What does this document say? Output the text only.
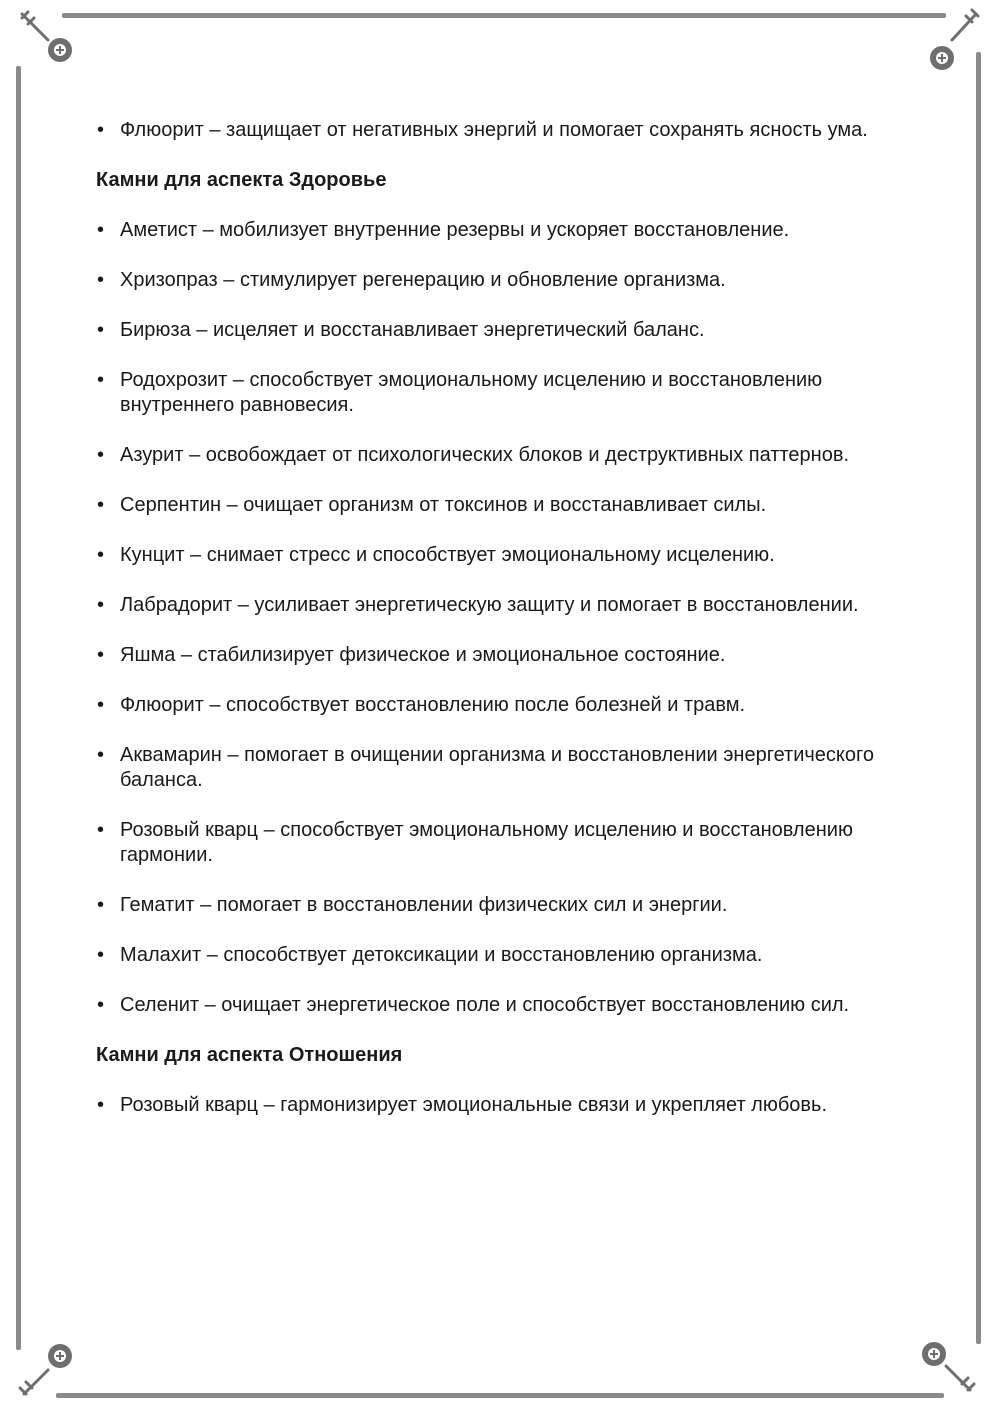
• Флюорит – защищает от негативных энергий и помогает сохранять ясность ума.
Камни для аспекта Здоровье
• Аметист – мобилизует внутренние резервы и ускоряет восстановление.
• Хризопраз – стимулирует регенерацию и обновление организма.
• Бирюза – исцеляет и восстанавливает энергетический баланс.
• Родохрозит – способствует эмоциональному исцелению и восстановлению внутреннего равновесия.
• Азурит – освобождает от психологических блоков и деструктивных паттернов.
• Серпентин – очищает организм от токсинов и восстанавливает силы.
• Кунцит – снимает стресс и способствует эмоциональному исцелению.
• Лабрадорит – усиливает энергетическую защиту и помогает в восстановлении.
• Яшма – стабилизирует физическое и эмоциональное состояние.
• Флюорит – способствует восстановлению после болезней и травм.
• Аквамарин – помогает в очищении организма и восстановлении энергетического баланса.
• Розовый кварц – способствует эмоциональному исцелению и восстановлению гармонии.
• Гематит – помогает в восстановлении физических сил и энергии.
• Малахит – способствует детоксикации и восстановлению организма.
• Селенит – очищает энергетическое поле и способствует восстановлению сил.
Камни для аспекта Отношения
• Розовый кварц – гармонизирует эмоциональные связи и укрепляет любовь.
